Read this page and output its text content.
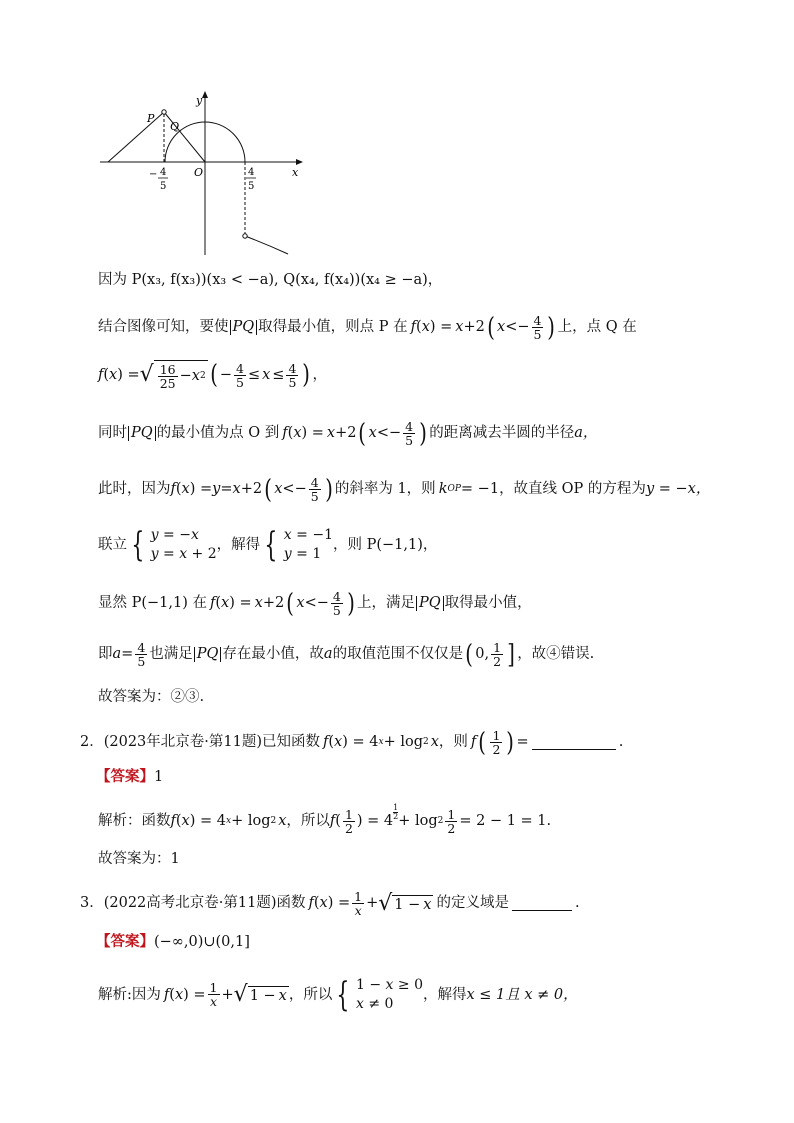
y
x
O
P
Q
− 4
5
4
5
因为 P(x₃, f(x₃))(x₃ < −a), Q(x₄, f(x₄))(x₄ ≥ −a)，
结合图像可知，要使 PQ 取得最小值，则点 P 在 f ( x ) = x +2 ( $x <- \frac{4}{5}$ ) 上，点 Q 在
f ( x ) = √ $\frac{16}{25} - x$ 2 ( − $\frac{4}{5} \le x \le \frac{4}{5}$ ) ，
同时 PQ 的最小值为点 O 到 f ( x ) = x +2 ( $x <- \frac{4}{5}$ ) 的距离减去半圆的半径 a，
此时，因为 f ( x ) = y = x +2 ( $x <- \frac{4}{5}$ ) 的斜率为 1，则 k OP = −1 ，故直线 OP 的方程为 y = −x，
联立 { y = −x
y = x + 2
，解得 { x = −1
y = 1
，则 P(−1,1)，
显然 P(−1,1) 在 f ( x ) = x +2 ( $x <- \frac{4}{5}$ ) 上，满足 PQ 取得最小值，
即 $a = \frac{4}{5}$ 也满足 PQ 存在最小值，故 a 的取值范围不仅仅是 ( 0, $\frac{1}{2}$ ] ，故④错误.
故答案为：②③.
2．(2023年北京卷·第11题)已知函数 f ( x ) = 4 x + log 2 x ，则 f ( $\frac{1}{2}$ ) =	.
【答案】 1
解析：函数 f ( x ) = 4 x + log 2 x ，所以 f ( $\frac{1}{2}$ ) = 4
1
$2 + \log 2 \frac{1}{2} = 2 - 1 = 1$ .
故答案为：1
3．(2022高考北京卷·第11题)函数 f ( x ) = $\frac{1}{x}$ + √ 1 − x 的定义域是	.
【答案】 (−∞,0)∪(0,1]
解析:因为 f ( x ) = $\frac{1}{x}$ + √ 1 − x ，所以 { 1 − x ≥ 0
x ≠ 0
，解得 x ≤ 1且 x ≠ 0，
